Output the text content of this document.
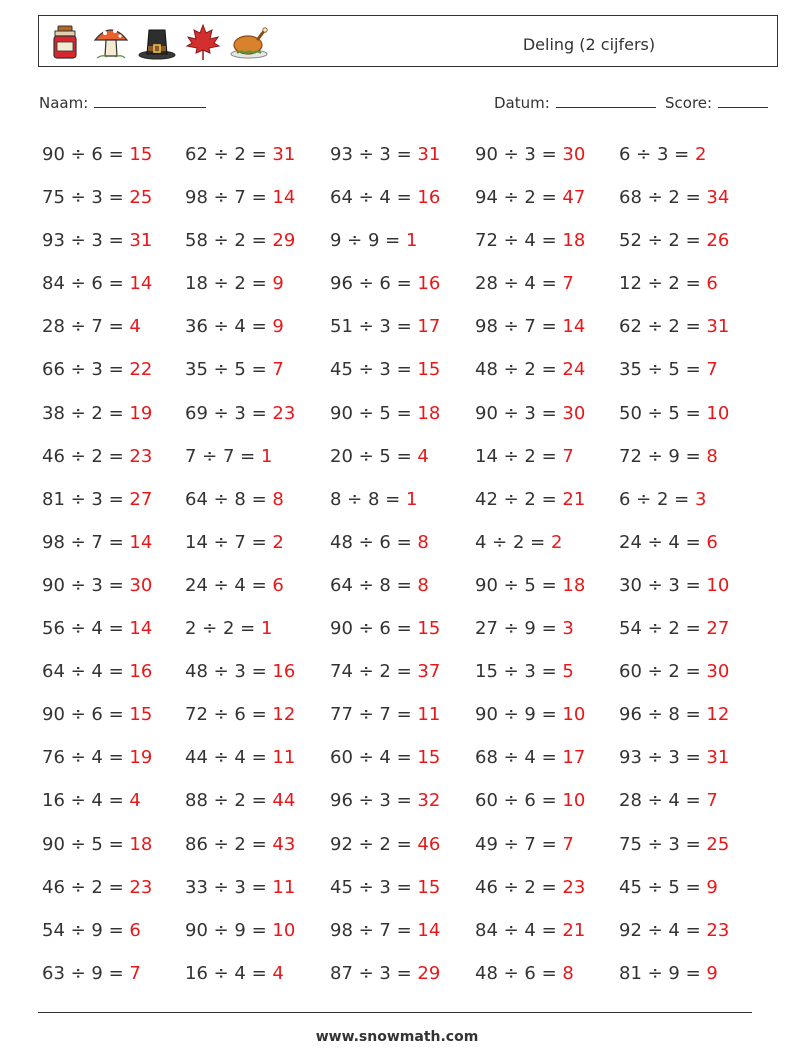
Deling (2 cijfers)
Naam:	Datum:	Score:
90 ÷ 6 = 15 62 ÷ 2 = 31 93 ÷ 3 = 31 90 ÷ 3 = 30 6 ÷ 3 = 2
75 ÷ 3 = 25 98 ÷ 7 = 14 64 ÷ 4 = 16 94 ÷ 2 = 47 68 ÷ 2 = 34
93 ÷ 3 = 31 58 ÷ 2 = 29 9 ÷ 9 = 1	72 ÷ 4 = 18 52 ÷ 2 = 26
84 ÷ 6 = 14 18 ÷ 2 = 9	96 ÷ 6 = 16 28 ÷ 4 = 7	12 ÷ 2 = 6
28 ÷ 7 = 4 36 ÷ 4 = 9	51 ÷ 3 = 17 98 ÷ 7 = 14 62 ÷ 2 = 31
66 ÷ 3 = 22 35 ÷ 5 = 7	45 ÷ 3 = 15 48 ÷ 2 = 24 35 ÷ 5 = 7
38 ÷ 2 = 19 69 ÷ 3 = 23 90 ÷ 5 = 18 90 ÷ 3 = 30 50 ÷ 5 = 10
46 ÷ 2 = 23 7 ÷ 7 = 1	20 ÷ 5 = 4	14 ÷ 2 = 7	72 ÷ 9 = 8
81 ÷ 3 = 27 64 ÷ 8 = 8	8 ÷ 8 = 1	42 ÷ 2 = 21 6 ÷ 2 = 3
98 ÷ 7 = 14 14 ÷ 7 = 2	48 ÷ 6 = 8	4 ÷ 2 = 2	24 ÷ 4 = 6
90 ÷ 3 = 30 24 ÷ 4 = 6	64 ÷ 8 = 8	90 ÷ 5 = 18 30 ÷ 3 = 10
56 ÷ 4 = 14 2 ÷ 2 = 1	90 ÷ 6 = 15 27 ÷ 9 = 3	54 ÷ 2 = 27
64 ÷ 4 = 16 48 ÷ 3 = 16 74 ÷ 2 = 37 15 ÷ 3 = 5	60 ÷ 2 = 30
90 ÷ 6 = 15 72 ÷ 6 = 12 77 ÷ 7 = 11 90 ÷ 9 = 10 96 ÷ 8 = 12
76 ÷ 4 = 19 44 ÷ 4 = 11 60 ÷ 4 = 15 68 ÷ 4 = 17 93 ÷ 3 = 31
16 ÷ 4 = 4 88 ÷ 2 = 44 96 ÷ 3 = 32 60 ÷ 6 = 10 28 ÷ 4 = 7
90 ÷ 5 = 18 86 ÷ 2 = 43 92 ÷ 2 = 46 49 ÷ 7 = 7	75 ÷ 3 = 25
46 ÷ 2 = 23 33 ÷ 3 = 11 45 ÷ 3 = 15 46 ÷ 2 = 23 45 ÷ 5 = 9
54 ÷ 9 = 6 90 ÷ 9 = 10 98 ÷ 7 = 14 84 ÷ 4 = 21 92 ÷ 4 = 23
63 ÷ 9 = 7 16 ÷ 4 = 4	87 ÷ 3 = 29 48 ÷ 6 = 8	81 ÷ 9 = 9
www.snowmath.com
